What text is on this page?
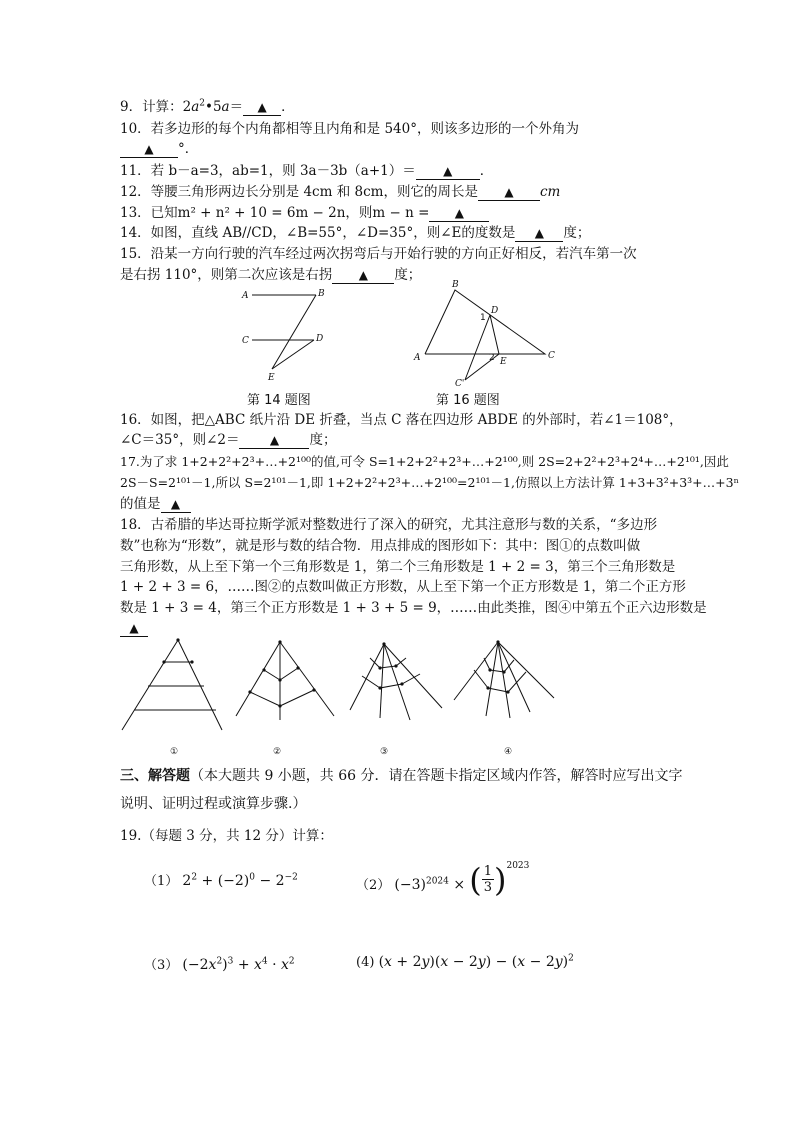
9．计算：$2a^2•5a=$ ▲ ．
10．若多边形的每个内角都相等且内角和是 540°，则该多边形的一个外角为
▲ °．
11．若 b－a=3，ab=1，则 3a－3b（a+1）＝ ▲ ．
12．等腰三角形两边长分别是 4cm 和 8cm，则它的周长是 ▲ cm
13．已知m² + n² + 10 = 6m − 2n，则m − n = ▲
14．如图，直线 AB//CD，∠B=55°，∠D=35°，则∠E的度数是 ▲ 度；
15．沿某一方向行驶的汽车经过两次拐弯后与开始行驶的方向正好相反，若汽车第一次
是右拐 110°，则第二次应该是右拐 ▲ 度；
A	B
C	D
E
第 14 题图
B
D
1
A	2 E
C
C'
第 16 题图
16．如图，把△ABC 纸片沿 DE 折叠，当点 C 落在四边形 ABDE 的外部时，若∠1＝108°，
∠C＝35°，则∠2＝	▲ 度；
17.为了求 1+2+2²+2³+…+2¹⁰⁰的值,可令 S=1+2+2²+2³+…+2¹⁰⁰,则 2S=2+2²+2³+2⁴+…+2¹⁰¹,因此
2S－S=2¹⁰¹－1,所以 S=2¹⁰¹－1,即 1+2+2²+2³+…+2¹⁰⁰=2¹⁰¹－1,仿照以上方法计算 1+3+3²+3³+…+3ⁿ
的值是 ▲
18．古希腊的毕达哥拉斯学派对整数进行了深入的研究，尤其注意形与数的关系，“多边形
数”也称为“形数”，就是形与数的结合物．用点排成的图形如下：其中：图①的点数叫做
三角形数，从上至下第一个三角形数是 1，第二个三角形数是 1 + 2 = 3，第三个三角形数是
1 + 2 + 3 = 6，……图②的点数叫做正方形数，从上至下第一个正方形数是 1，第二个正方形
数是 1 + 3 = 4，第三个正方形数是 1 + 3 + 5 = 9，……由此类推，图④中第五个正六边形数是
▲
①	②	③	④
三、解答题（本大题共 9 小题，共 66 分．请在答题卡指定区域内作答，解答时应写出文字
说明、证明过程或演算步骤.）
19.（每题 3 分，共 12 分）计算：
（1） $2^2 + (-2)^0 - 2^{-2}$
（2） $(-3)^{2024}$ × ( $\frac{1}{3} )^{2023}$
（3） $(-2x^2)^3 + x^4 \cdot x^2$	(4) $(x + 2y)(x - 2y) - (x - 2y)^2$
